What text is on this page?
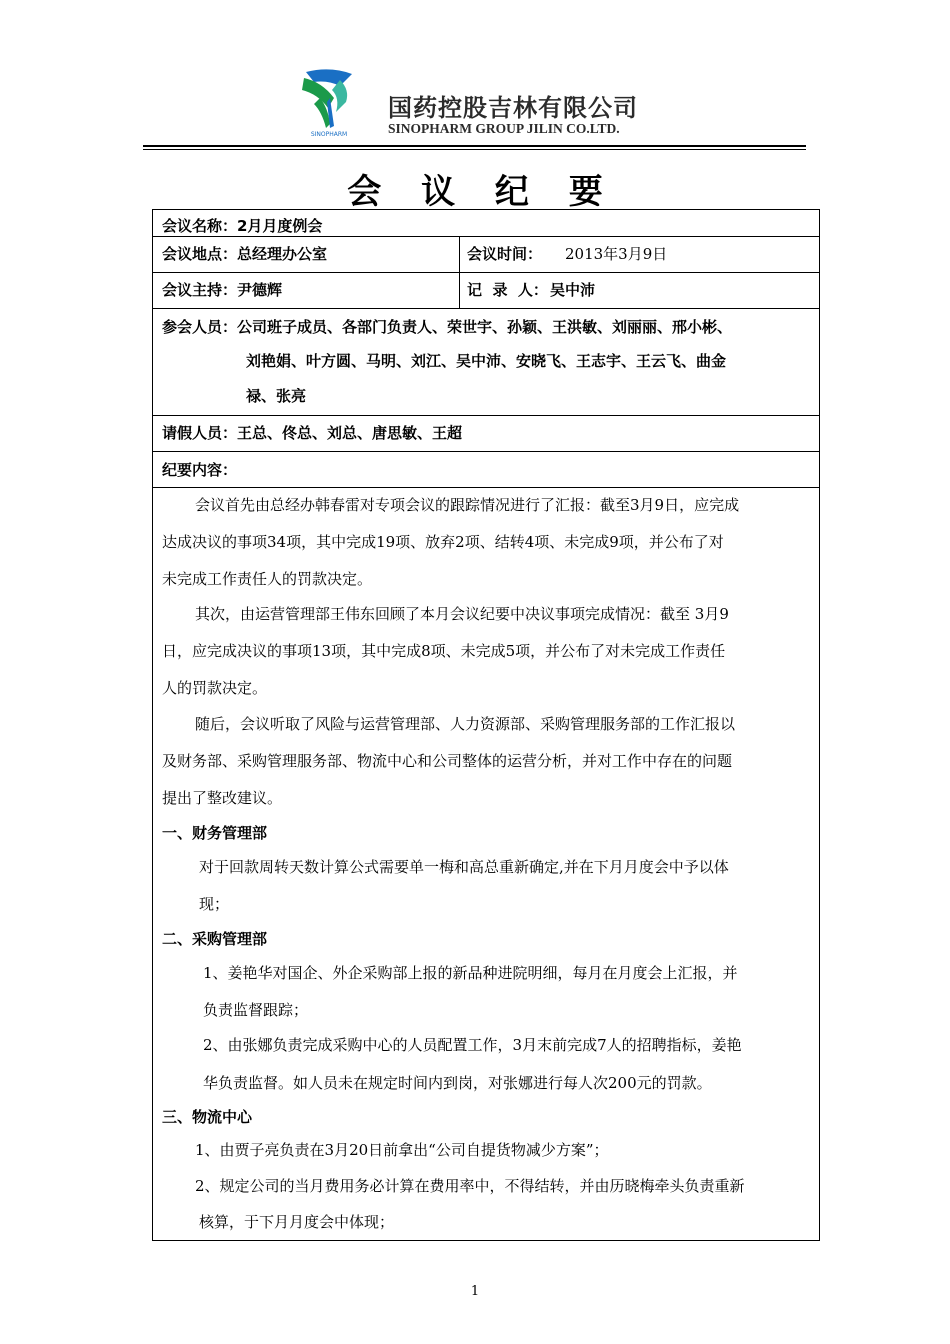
SINOPHARM
国药控股吉林有限公司
SINOPHARM GROUP JILIN CO.LTD.
会 议 纪 要
会议名称： 2月月度例会
会议地点： 总经理办公室	会议时间： 2013年3月9日
会议主持： 尹德辉	记  录  人： 吴中沛
参会人员： 公司班子成员、各部门负责人、荣世宇、孙颖、王洪敏、刘丽丽、邢小彬、
刘艳娟、叶方圆、马明、刘江、吴中沛、安晓飞、王志宇、王云飞、曲金
禄、张亮
请假人员： 王总、佟总、刘总、唐思敏、王超
纪要内容：
会议首先由总经办韩春雷对专项会议的跟踪情况进行了汇报：截至3月9日，应完成
达成决议的事项34项，其中完成19项、放弃2项、结转4项、未完成9项，并公布了对
未完成工作责任人的罚款决定。
其次，由运营管理部王伟东回顾了本月会议纪要中决议事项完成情况：截至 3月9
日，应完成决议的事项13项，其中完成8项、未完成5项，并公布了对未完成工作责任
人的罚款决定。
随后，会议听取了风险与运营管理部、人力资源部、采购管理服务部的工作汇报以
及财务部、采购管理服务部、物流中心和公司整体的运营分析，并对工作中存在的问题
提出了整改建议。
一、财务管理部
对于回款周转天数计算公式需要单一梅和高总重新确定,并在下月月度会中予以体
现；
二、采购管理部
1、姜艳华对国企、外企采购部上报的新品种进院明细，每月在月度会上汇报，并
负责监督跟踪；
2、由张娜负责完成采购中心的人员配置工作，3月末前完成7人的招聘指标，姜艳
华负责监督。如人员未在规定时间内到岗，对张娜进行每人次200元的罚款。
三、物流中心
1、由贾子亮负责在3月20日前拿出“公司自提货物减少方案”；
2、规定公司的当月费用务必计算在费用率中，不得结转，并由历晓梅牵头负责重新
核算，于下月月度会中体现；
1
